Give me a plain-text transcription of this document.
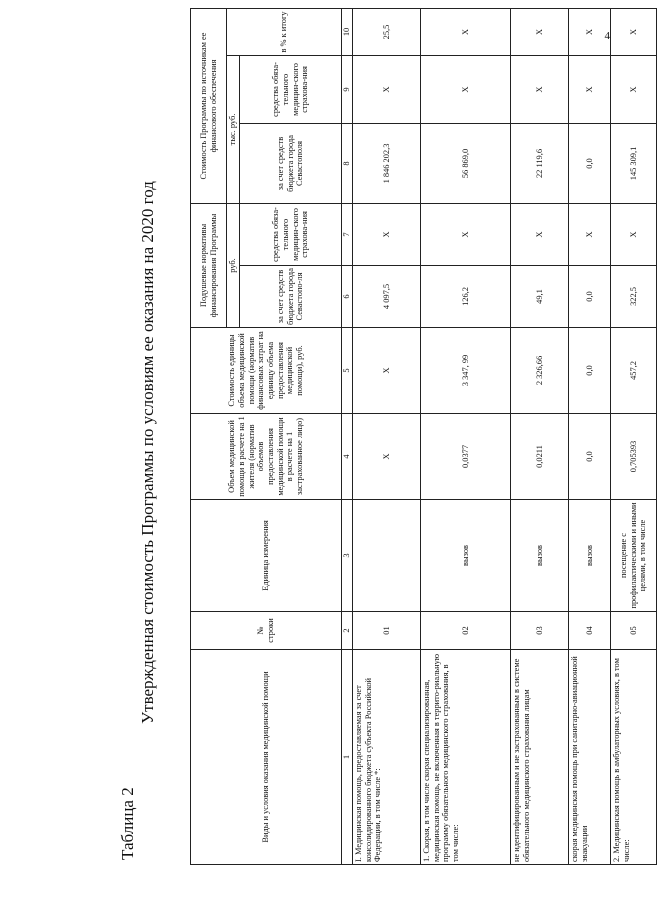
4
Таблица 2
Утвержденная стоимость Программы по условиям ее оказания на 2020 год
Виды и условия оказания медицинской помощи	№ строки	Единица измерения	Объем медицинской помощи в расчете на 1 жителя (норматив объемов предоставления медицинской помощи в расчете на 1 застрахованное лицо)	Стоимость единицы объема медицинской помощи (норматив финансовых затрат на единицу объема предоставления медицинской помощи), руб.	Подушевые нормативы финансирования Программы		Стоимость Программы по источникам ее финансового обеспечения		
					руб.		тыс. руб.		в % к итогу
					за счет средств бюджета города Севастопо-ля	средства обяза-тельного медицин-ского страхова-ния	за счет средств бюджета города Севастополя	средства обяза-тельного медицин-ского страхова-ния	
1	2	3	4	5	6	7	8	9	10
I. Медицинская помощь, предоставляемая за счет консолидированного бюджета субъекта Российской Федерации, в том числе *:	01		Х	Х	4 097,5	Х	1 846 202,3	Х	25,5
1. Скорая, в том числе скорая специализированная, медицинская помощь, не включенная в террито-риальную программу обязательного медицинского страхования, в том числе:	02	вызов	0,0377	3 347, 99	126,2	Х	56 869,0	Х	Х
не идентифицированным и не застрахованным в системе обязательного медицинского страхования лицам	03	вызов	0,0211	2 326,66	49,1	Х	22 119,6	Х	Х
скорая медицинская помощь при санитарно-авиационной эвакуации	04	вызов	0,0	0,0	0,0	Х	0,0	Х	Х
2. Медицинская помощь в амбулаторных условиях, в том числе:	05	посещение с профилактическими и иными целями, в том числе	0,705393	457,2	322,5	Х	145 309,1	Х	Х
